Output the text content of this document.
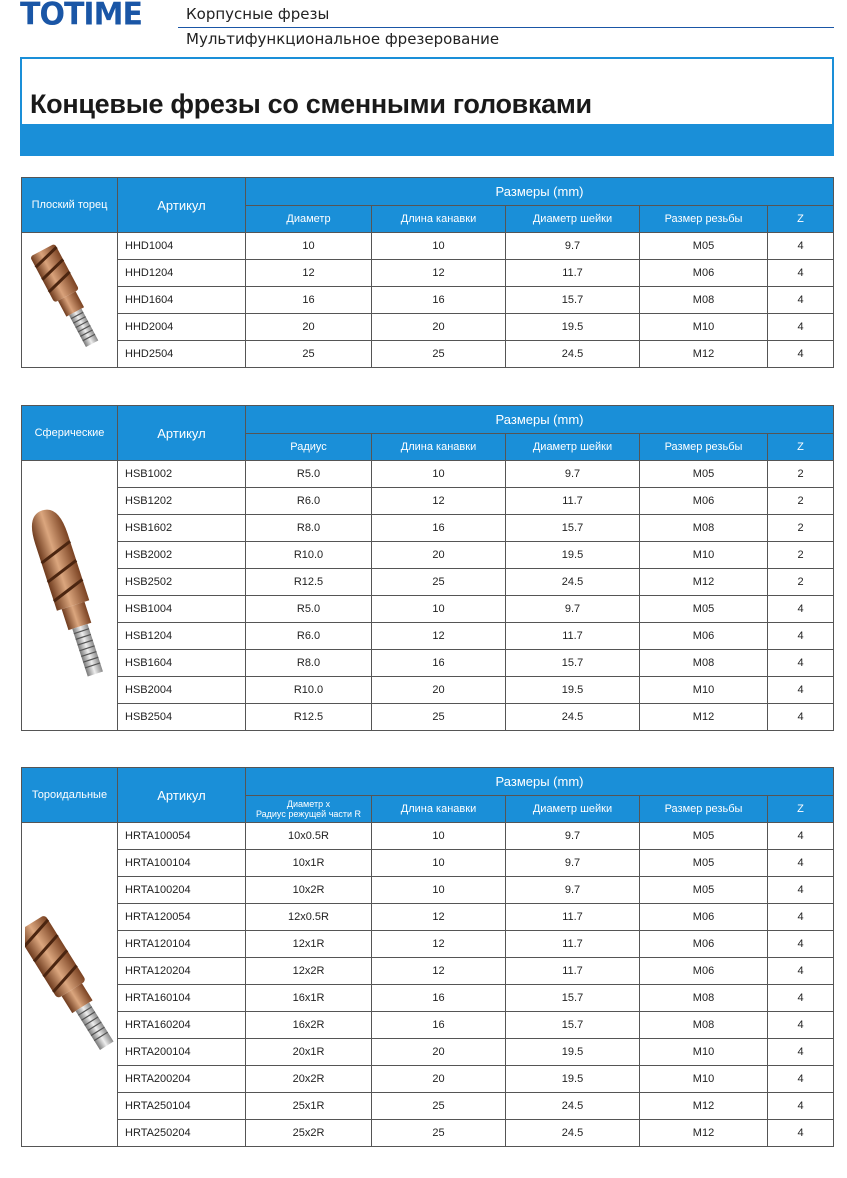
TOTIME	Корпусные фрезы
Мультифункциональное фрезерование
Концевые фрезы со сменными головками
Плоский торец	Артикул	Размеры (mm)				
		Диаметр	Длина канавки	Диаметр шейки	Размер резьбы	Z

	HHD1004	10	10	9.7	M05	4
	HHD1204	12	12	11.7	M06	4
	HHD1604	16	16	15.7	M08	4
	HHD2004	20	20	19.5	M10	4
	HHD2504	25	25	24.5	M12	4
Сферические	Артикул	Размеры (mm)				
		Радиус	Длина канавки	Диаметр шейки	Размер резьбы	Z

	HSB1002	R5.0	10	9.7	M05	2
	HSB1202	R6.0	12	11.7	M06	2
	HSB1602	R8.0	16	15.7	M08	2
	HSB2002	R10.0	20	19.5	M10	2
	HSB2502	R12.5	25	24.5	M12	2
	HSB1004	R5.0	10	9.7	M05	4
	HSB1204	R6.0	12	11.7	M06	4
	HSB1604	R8.0	16	15.7	M08	4
	HSB2004	R10.0	20	19.5	M10	4
	HSB2504	R12.5	25	24.5	M12	4
Тороидальные	Артикул	Размеры (mm)				
		Диаметр x
Радиус режущей части R	Длина канавки	Диаметр шейки	Размер резьбы	Z

	HRTA100054	10x0.5R	10	9.7	M05	4
	HRTA100104	10x1R	10	9.7	M05	4
	HRTA100204	10x2R	10	9.7	M05	4
	HRTA120054	12x0.5R	12	11.7	M06	4
	HRTA120104	12x1R	12	11.7	M06	4
	HRTA120204	12x2R	12	11.7	M06	4
	HRTA160104	16x1R	16	15.7	M08	4
	HRTA160204	16x2R	16	15.7	M08	4
	HRTA200104	20x1R	20	19.5	M10	4
	HRTA200204	20x2R	20	19.5	M10	4
	HRTA250104	25x1R	25	24.5	M12	4
	HRTA250204	25x2R	25	24.5	M12	4
